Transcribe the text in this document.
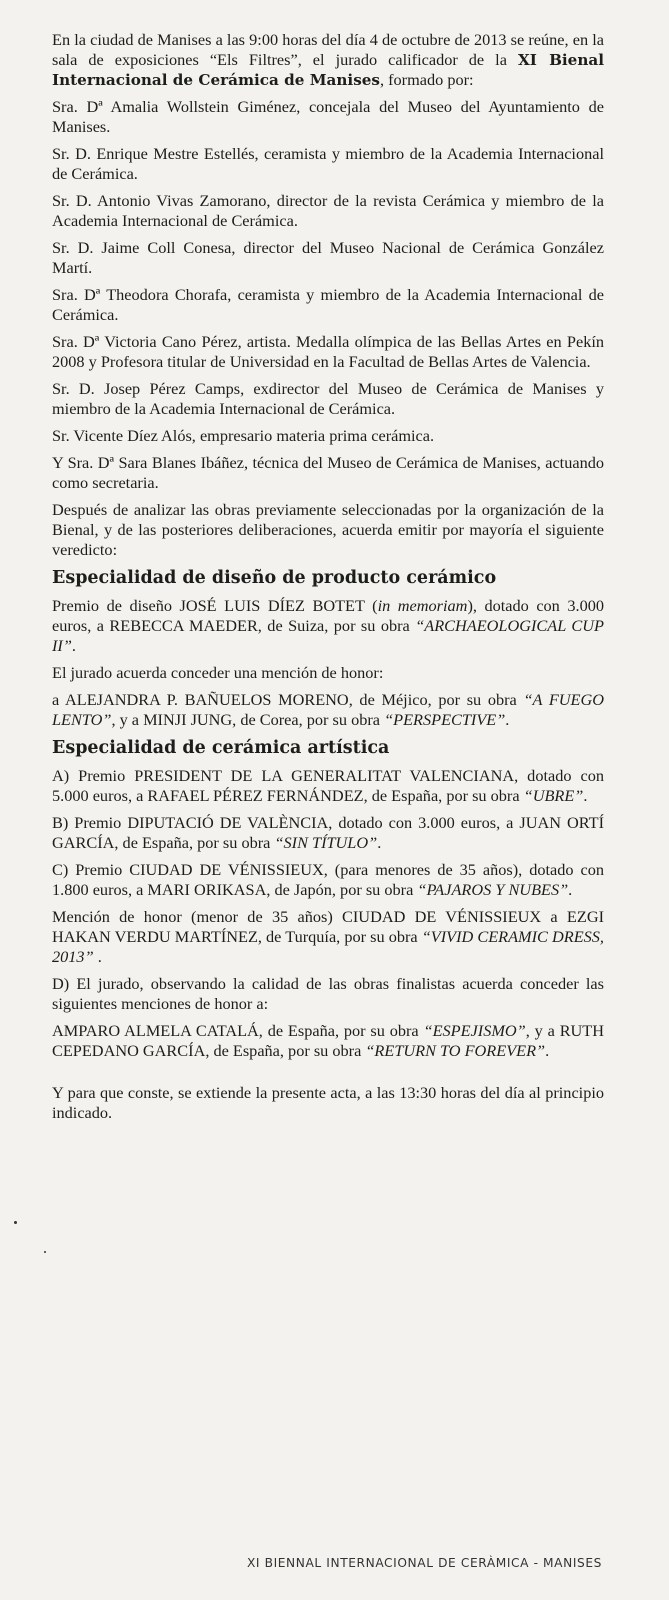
En la ciudad de Manises a las 9:00 horas del día 4 de octubre de 2013 se reúne, en la sala de exposiciones “Els Filtres”, el jurado calificador de la XI Bienal Internacional de Cerámica de Manises, formado por:

Sra. Dª Amalia Wollstein Giménez, concejala del Museo del Ayuntamiento de Manises.

Sr. D. Enrique Mestre Estellés, ceramista y miembro de la Academia Internacional de Cerámica.

Sr. D. Antonio Vivas Zamorano, director de la revista Cerámica y miembro de la Academia Internacional de Cerámica.

Sr. D. Jaime Coll Conesa, director del Museo Nacional de Cerámica González Martí.

Sra. Dª Theodora Chorafa, ceramista y miembro de la Academia Internacional de Cerámica.

Sra. Dª Victoria Cano Pérez, artista. Medalla olímpica de las Bellas Artes en Pekín 2008 y Profesora titular de Universidad en la Facultad de Bellas Artes de Valencia.

Sr. D. Josep Pérez Camps, exdirector del Museo de Cerámica de Manises y miembro de la Academia Internacional de Cerámica.

Sr. Vicente Díez Alós, empresario materia prima cerámica.

Y Sra. Dª Sara Blanes Ibáñez, técnica del Museo de Cerámica de Manises, actuando como secretaria.

Después de analizar las obras previamente seleccionadas por la organización de la Bienal, y de las posteriores deliberaciones, acuerda emitir por mayoría el siguiente veredicto:

Especialidad de diseño de producto cerámico

Premio de diseño JOSÉ LUIS DÍEZ BOTET (in memoriam), dotado con 3.000 euros, a REBECCA MAEDER, de Suiza, por su obra “ARCHAEOLOGICAL CUP II”.

El jurado acuerda conceder una mención de honor:

a ALEJANDRA P. BAÑUELOS MORENO, de Méjico, por su obra “A FUEGO LENTO”, y a MINJI JUNG, de Corea, por su obra “PERSPECTIVE”.

Especialidad de cerámica artística

A) Premio PRESIDENT DE LA GENERALITAT VALENCIANA, dotado con 5.000 euros, a RAFAEL PÉREZ FERNÁNDEZ, de España, por su obra “UBRE”.

B) Premio DIPUTACIÓ DE VALÈNCIA, dotado con 3.000 euros, a JUAN ORTÍ GARCÍA, de España, por su obra “SIN TÍTULO”.

C) Premio CIUDAD DE VÉNISSIEUX, (para menores de 35 años), dotado con 1.800 euros, a MARI ORIKASA, de Japón, por su obra “PAJAROS Y NUBES”.

Mención de honor (menor de 35 años) CIUDAD DE VÉNISSIEUX a EZGI HAKAN VERDU MARTÍNEZ, de Turquía, por su obra “VIVID CERAMIC DRESS, 2013” .

D) El jurado, observando la calidad de las obras finalistas acuerda conceder las siguientes menciones de honor a:

AMPARO ALMELA CATALÁ, de España, por su obra “ESPEJISMO”, y a RUTH CEPEDANO GARCÍA, de España, por su obra “RETURN TO FOREVER”.

Y para que conste, se extiende la presente acta, a las 13:30 horas del día al principio indicado.

XI BIENNAL INTERNACIONAL DE CERÀMICA - MANISES
